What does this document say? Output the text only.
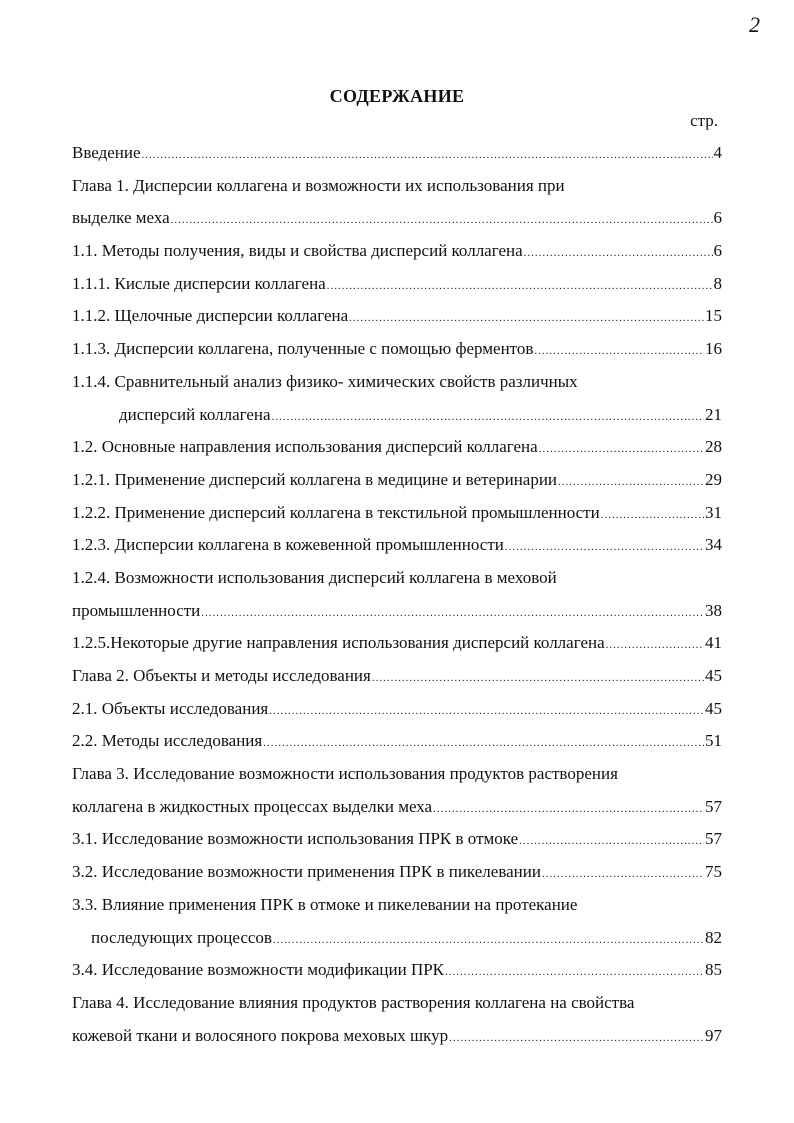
2
СОДЕРЖАНИЕ
стр.
Введение .....	4
Глава 1. Дисперсии коллагена и возможности их использования при
выделке меха .....	6
1.1. Методы получения, виды и свойства дисперсий коллагена .....	6
1.1.1. Кислые дисперсии коллагена .....	8
1.1.2. Щелочные дисперсии коллагена .....	15
1.1.3. Дисперсии коллагена, полученные с помощью ферментов .....	16
1.1.4. Сравнительный анализ физико- химических свойств различных
дисперсий коллагена .....	21
1.2. Основные направления использования дисперсий коллагена .....	28
1.2.1. Применение дисперсий коллагена в медицине и ветеринарии .....	29
1.2.2. Применение дисперсий коллагена в текстильной промышленности .....	31
1.2.3. Дисперсии коллагена в кожевенной промышленности .....	34
1.2.4. Возможности использования дисперсий коллагена в меховой
промышленности .....	38
1.2.5.Некоторые другие направления использования дисперсий коллагена .....	41
Глава 2. Объекты и методы исследования .....	45
2.1. Объекты исследования .....	45
2.2. Методы исследования .....	51
Глава 3. Исследование возможности использования продуктов растворения
коллагена в жидкостных процессах выделки меха .....	57
3.1. Исследование возможности использования ПРК в отмоке .....	57
3.2. Исследование возможности применения ПРК в пикелевании .....	75
3.3. Влияние применения ПРК в отмоке и пикелевании на протекание
последующих процессов .....	82
3.4. Исследование возможности модификации ПРК .....	85
Глава 4. Исследование влияния продуктов растворения коллагена на свойства
кожевой ткани и волосяного покрова меховых шкур .....	97
